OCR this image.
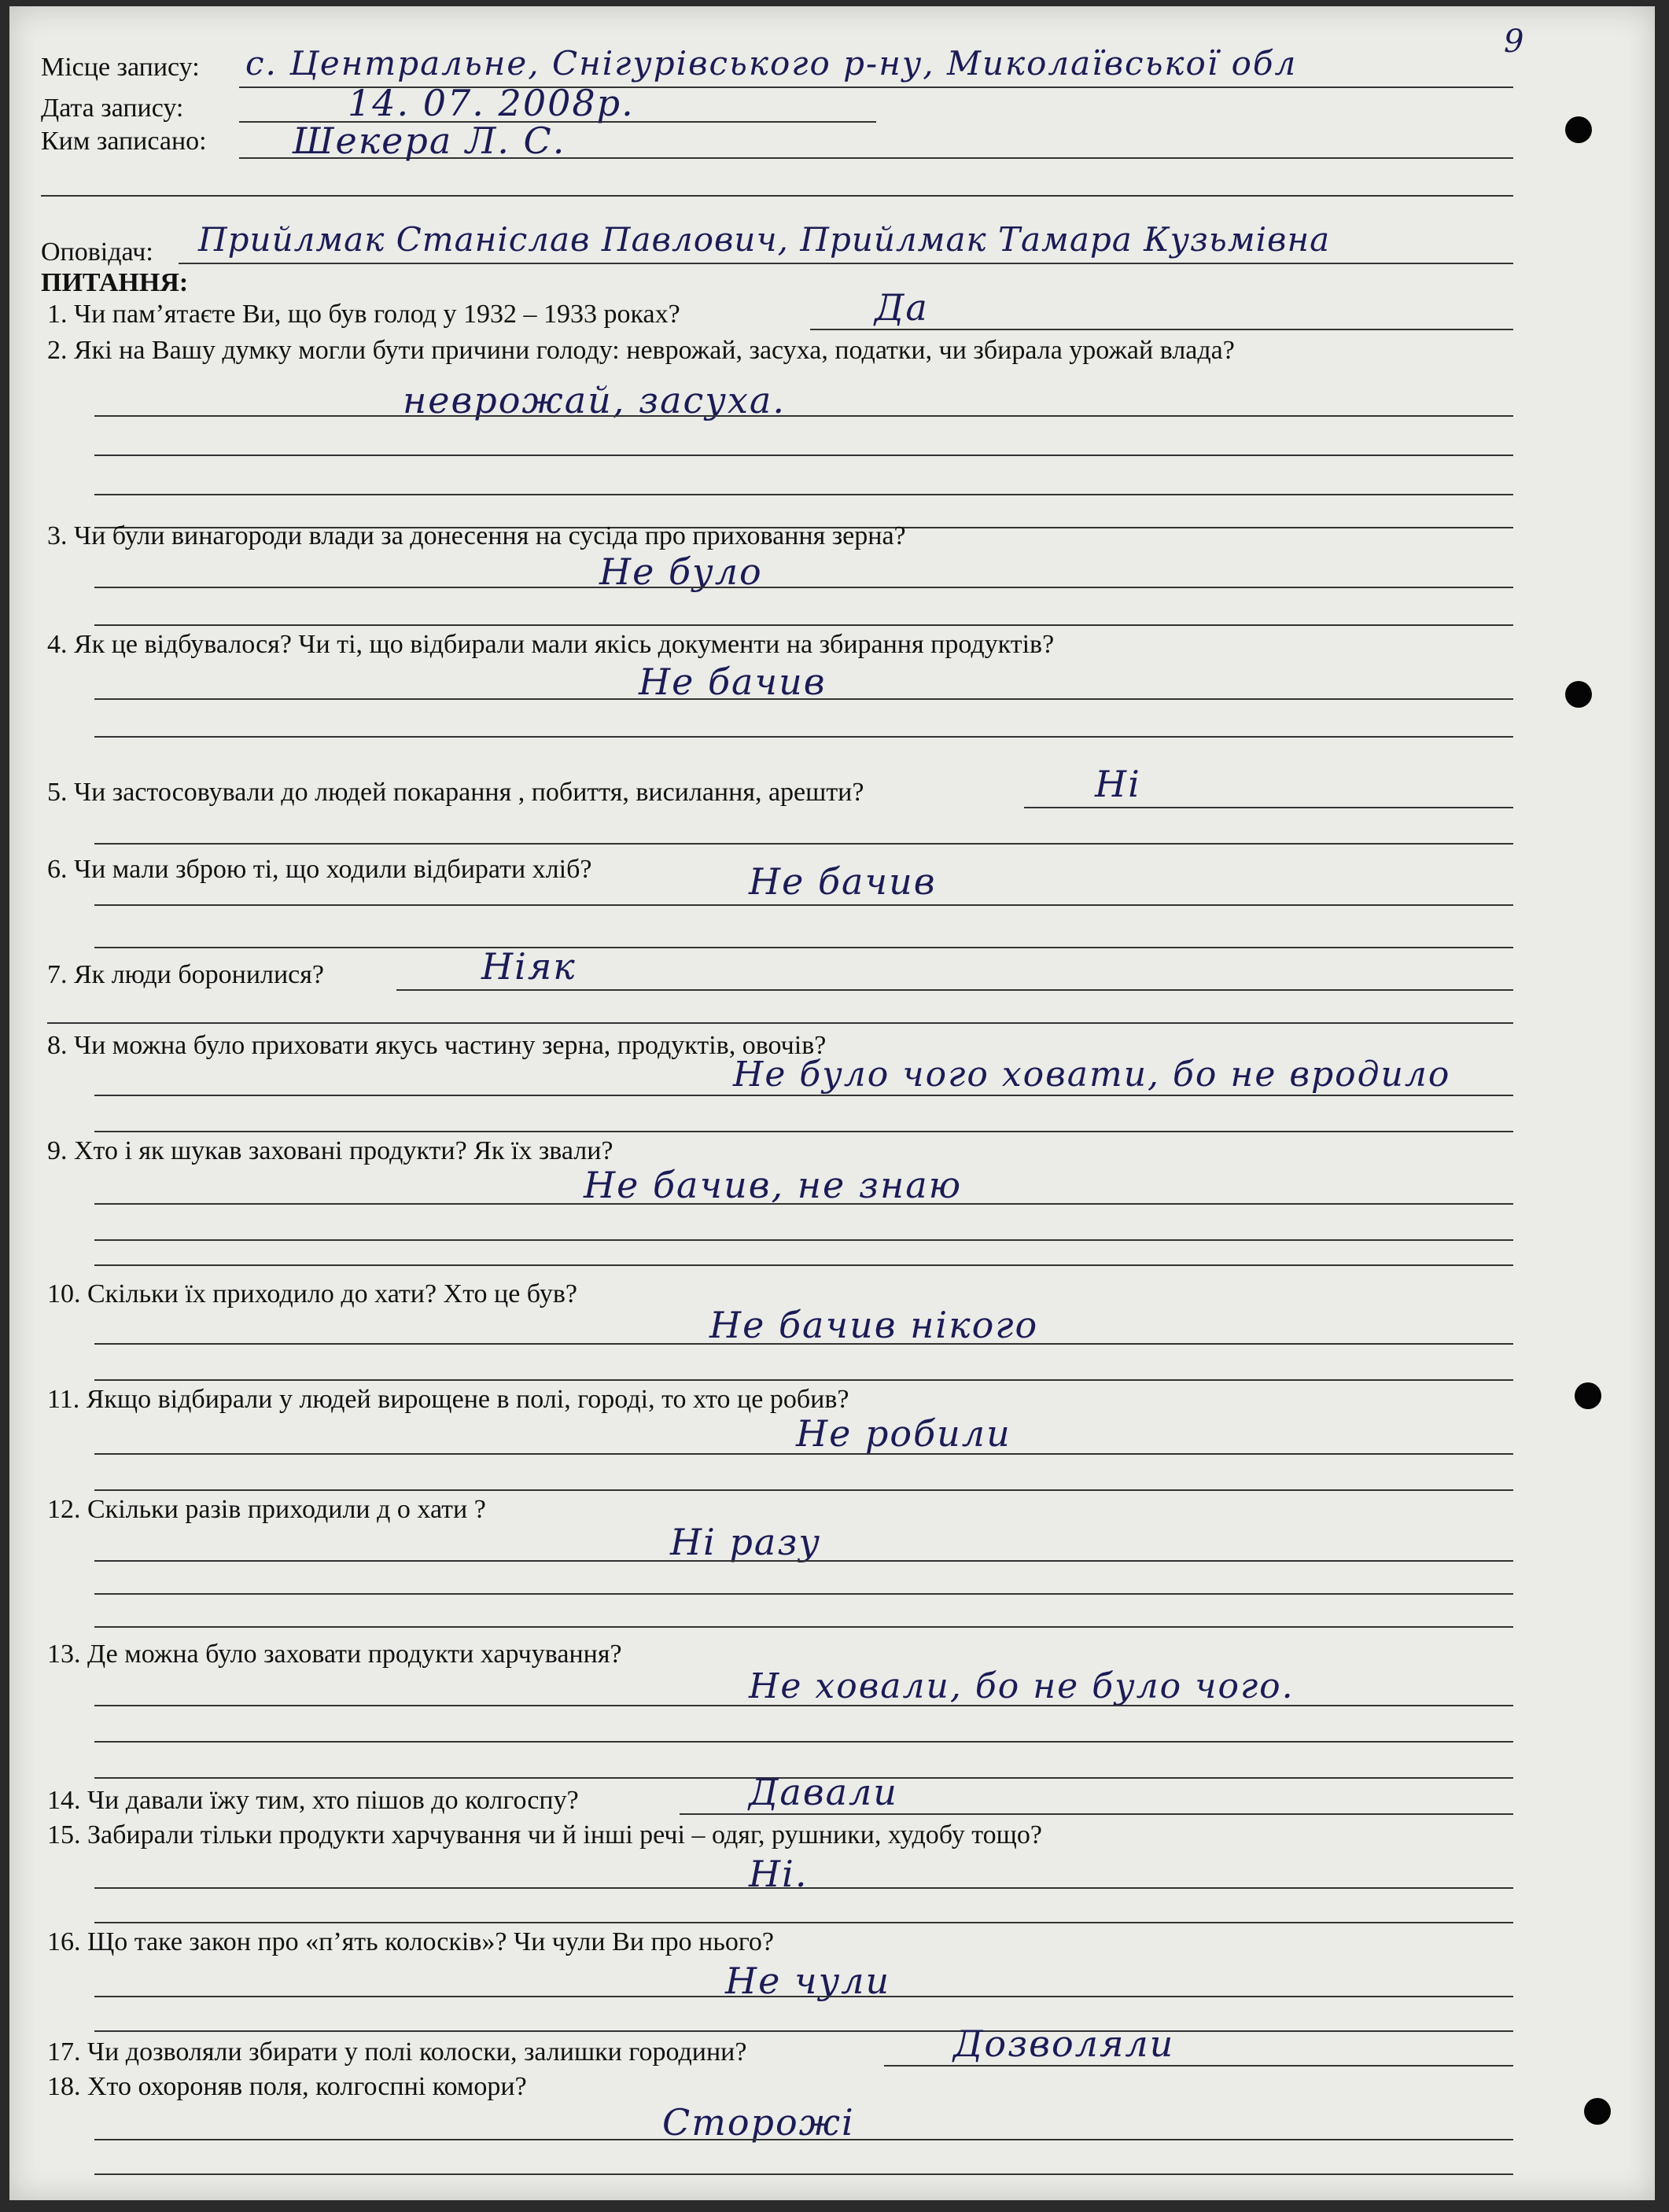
9
Місце запису: с. Центральне, Снігурівського р-ну, Миколаївської обл
Дата запису:	14. 07. 2008р.
Ким записано: Шекера Л. С.
Оповідач: Прийлмак Станіслав Павлович, Прийлмак Тамара Кузьмівна
ПИТАННЯ:
1. Чи пам’ятаєте Ви, що був голод у 1932 – 1933 роках?	Да
2. Які на Вашу думку могли бути причини голоду: неврожай, засуха, податки, чи збирала урожай влада?
неврожай, засуха.
3. Чи були винагороди влади за донесення на сусіда про приховання зерна?
Не було
4. Як це відбувалося? Чи ті, що відбирали мали якісь документи на збирання продуктів?
Не бачив
5. Чи застосовували до людей покарання , побиття, висилання, арешти?	Ні
6. Чи мали зброю ті, що ходили відбирати хліб?	Не бачив
7. Як люди боронилися?	Ніяк
8. Чи можна було приховати якусь частину зерна, продуктів, овочів?
Не було чого ховати, бо не вродило
9. Хто і як шукав заховані продукти? Як їх звали?
Не бачив, не знаю
10. Скільки їх приходило до хати? Хто це був?
Не бачив нікого
11. Якщо відбирали у людей вирощене в полі, городі, то хто це робив?
Не робили
12. Скільки разів приходили д о хати ?
Ні разу
13. Де можна було заховати продукти харчування?
Не ховали, бо не було чого.
14. Чи давали їжу тим, хто пішов до колгоспу?	Давали
15. Забирали тільки продукти харчування чи й інші речі – одяг, рушники, худобу тощо?
Ні.
16. Що таке закон про «п’ять колосків»? Чи чули Ви про нього?
Не чули
17. Чи дозволяли збирати у полі колоски, залишки городини?	Дозволяли
18. Хто охороняв поля, колгоспні комори?
Сторожі
